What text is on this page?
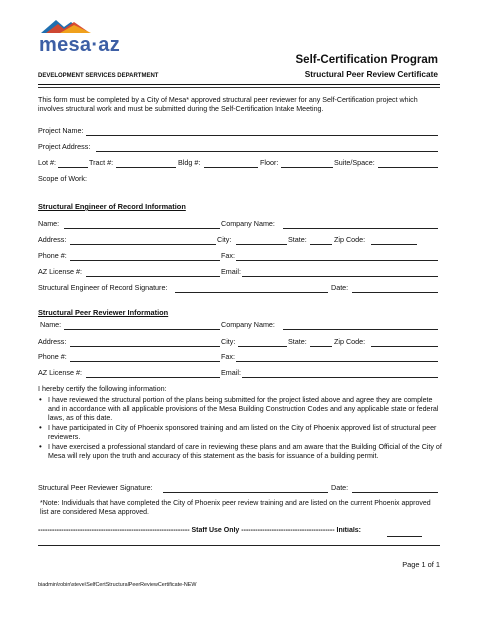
mesa·az
DEVELOPMENT SERVICES DEPARTMENT
Self-Certification Program
Structural Peer Review Certificate
This form must be completed by a City of Mesa* approved structural peer reviewer for any Self-Certification project which involves structural work and must be submitted during the Self-Certification Intake Meeting.
Project Name:
Project Address:
Lot #:	Tract #:	Bldg #:	Floor:	Suite/Space:
Scope of Work:
Structural Engineer of Record Information
Name:	Company Name:
Address:	City:	State:	Zip Code:
Phone #:	Fax:
AZ License #:	Email:
Structural Engineer of Record Signature:	Date:
Structural Peer Reviewer Information
Name:	Company Name:
Address:	City:	State:	Zip Code:
Phone #:	Fax:
AZ License #:	Email:
I hereby certify the following information:
• I have reviewed the structural portion of the plans being submitted for the project listed above and agree they are complete and in accordance with all applicable provisions of the Mesa Building Construction Codes and any applicable state or federal laws, as of this date.
• I have participated in City of Phoenix sponsored training and am listed on the City of Phoenix approved list of structural peer reviewers.
• I have exercised a professional standard of care in reviewing these plans and am aware that the Building Official of the City of Mesa will rely upon the truth and accuracy of this statement as the basis for issuance of a building permit.
Structural Peer Reviewer Signature:	Date:
*Note: Individuals that have completed the City of Phoenix peer review training and are listed on the current Phoenix approved list are considered Mesa approved.
----------------------------------------------------------------- Staff Use Only ---------------------------------------- Initials:
Page 1 of 1
biadmin\robin\steve\SelfCertStructuralPeerReviewCertificate-NEW
